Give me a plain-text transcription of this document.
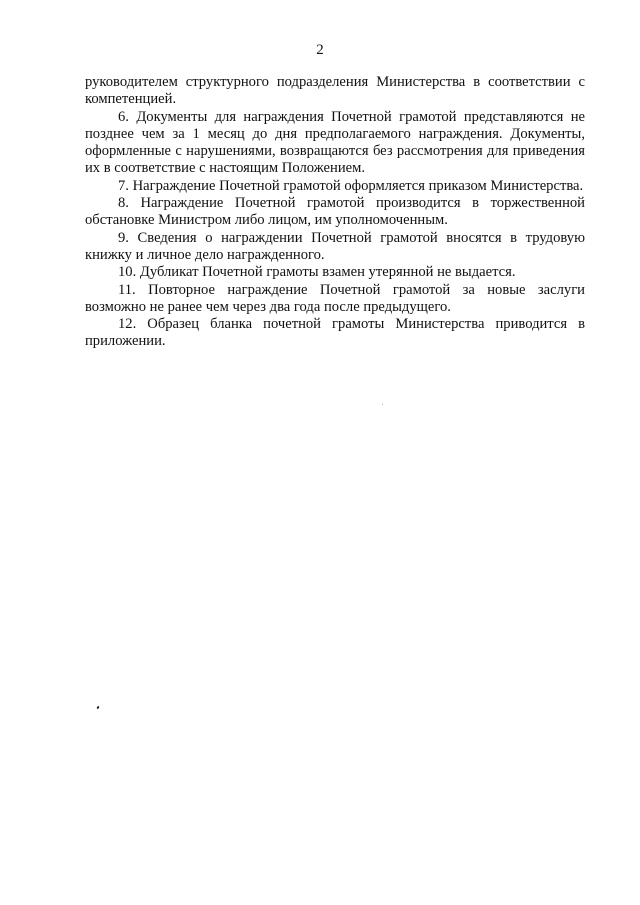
2

руководителем структурного подразделения Министерства в соответствии с компетенцией.

6. Документы для награждения Почетной грамотой представляются не позднее чем за 1 месяц до дня предполагаемого награждения. Документы, оформленные с нарушениями, возвращаются без рассмотрения для приведения их в соответствие с настоящим Положением.

7. Награждение Почетной грамотой оформляется приказом Министерства.

8. Награждение Почетной грамотой производится в торжественной обстановке Министром либо лицом, им уполномоченным.

9. Сведения о награждении Почетной грамотой вносятся в трудовую книжку и личное дело награжденного.

10. Дубликат Почетной грамоты взамен утерянной не выдается.

11. Повторное награждение Почетной грамотой за новые заслуги возможно не ранее чем через два года после предыдущего.

12. Образец бланка почетной грамоты Министерства приводится в приложении.
